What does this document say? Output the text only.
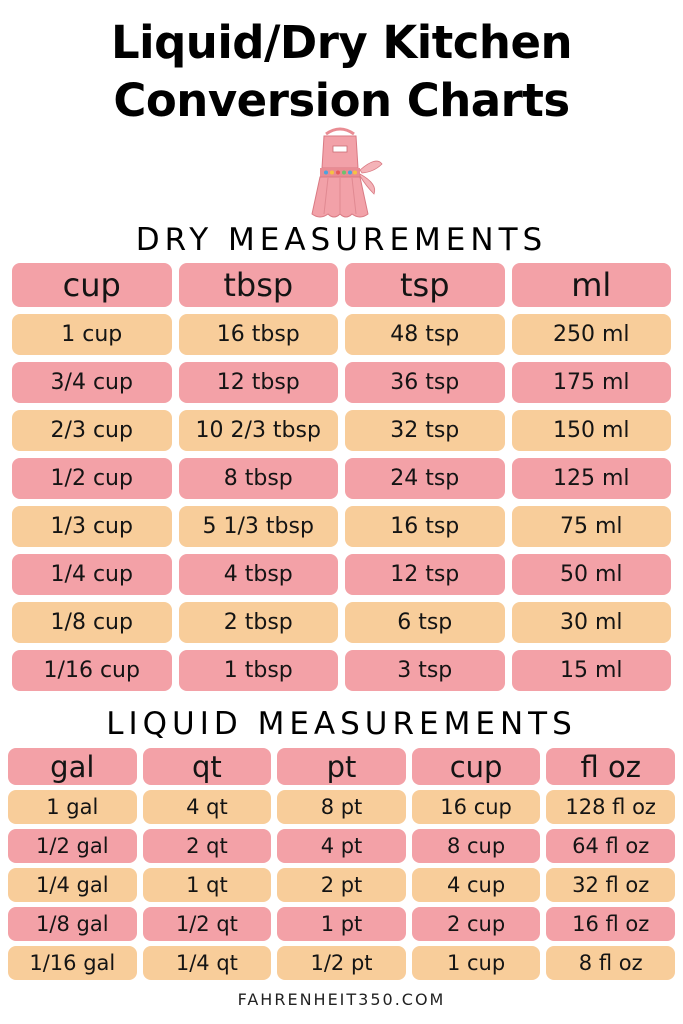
Liquid/Dry Kitchen
Conversion Charts
DRY MEASUREMENTS
cup	tbsp	tsp	ml
1 cup	16 tbsp	48 tsp	250 ml
3/4 cup	12 tbsp	36 tsp	175 ml
2/3 cup	10 2/3 tbsp	32 tsp	150 ml
1/2 cup	8 tbsp	24 tsp	125 ml
1/3 cup	5 1/3 tbsp	16 tsp	75 ml
1/4 cup	4 tbsp	12 tsp	50 ml
1/8 cup	2 tbsp	6 tsp	30 ml
1/16 cup	1 tbsp	3 tsp	15 ml
LIQUID MEASUREMENTS
gal	qt	pt	cup	fl oz
1 gal	4 qt	8 pt	16 cup	128 fl oz
1/2 gal	2 qt	4 pt	8 cup	64 fl oz
1/4 gal	1 qt	2 pt	4 cup	32 fl oz
1/8 gal	1/2 qt	1 pt	2 cup	16 fl oz
1/16 gal	1/4 qt	1/2 pt	1 cup	8 fl oz
FAHRENHEIT350.COM
